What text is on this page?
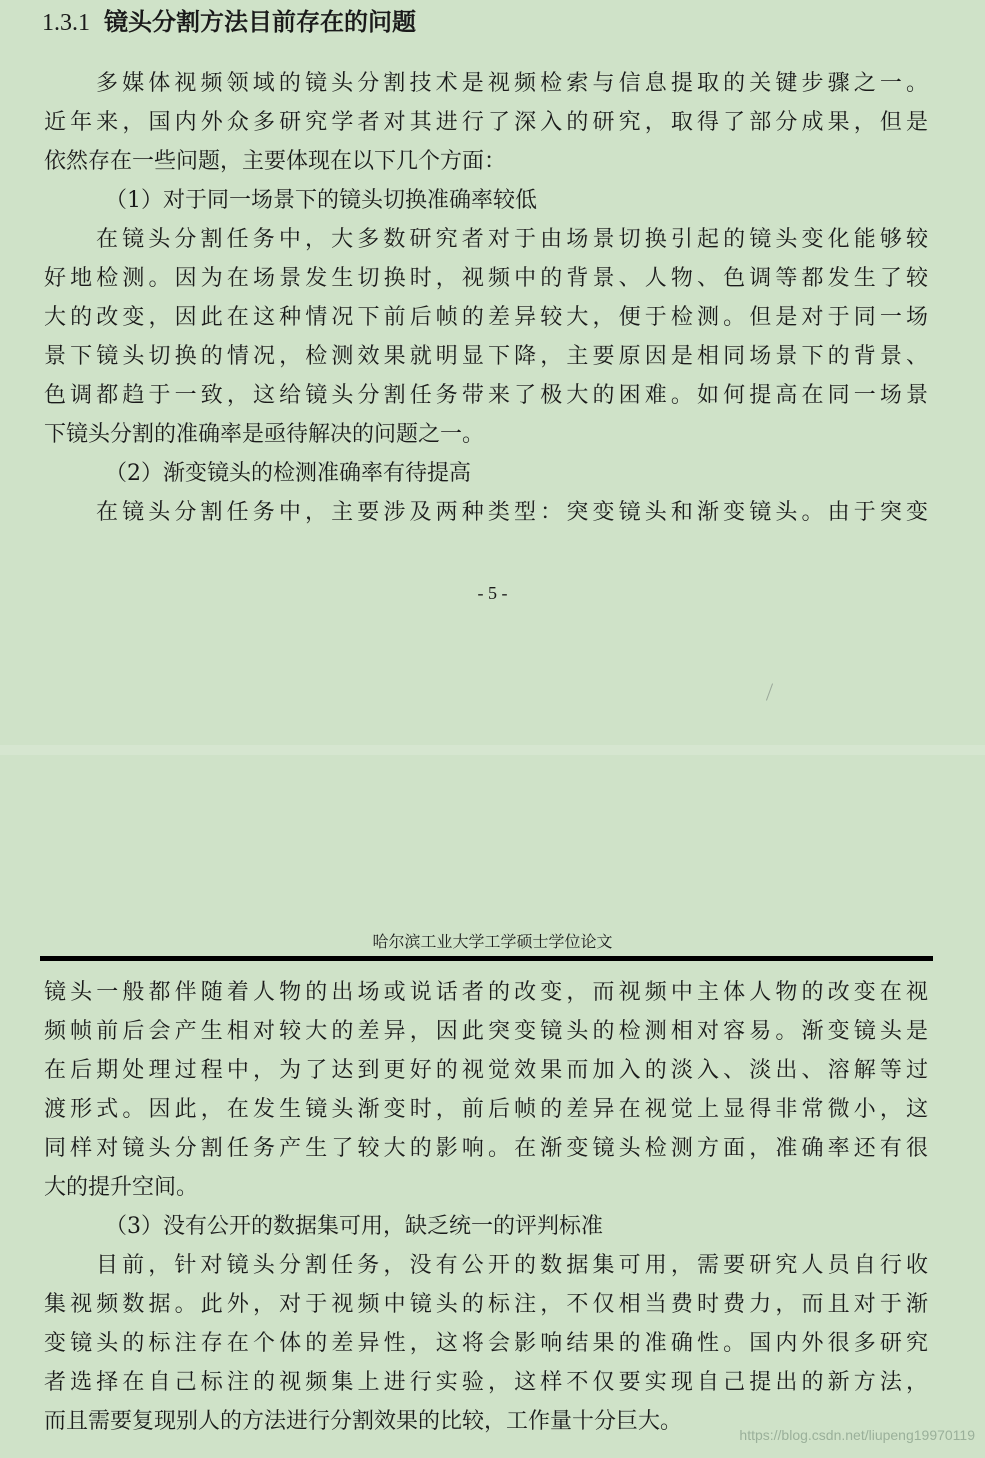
1.3.1 镜头分割方法目前存在的问题
多媒体视频领域的镜头分割技术是视频检索与信息提取的关键步骤之一。
近年来，国内外众多研究学者对其进行了深入的研究，取得了部分成果，但是
依然存在一些问题，主要体现在以下几个方面：
（1）对于同一场景下的镜头切换准确率较低
在镜头分割任务中，大多数研究者对于由场景切换引起的镜头变化能够较
好地检测。因为在场景发生切换时，视频中的背景、人物、色调等都发生了较
大的改变，因此在这种情况下前后帧的差异较大，便于检测。但是对于同一场
景下镜头切换的情况，检测效果就明显下降，主要原因是相同场景下的背景、
色调都趋于一致，这给镜头分割任务带来了极大的困难。如何提高在同一场景
下镜头分割的准确率是亟待解决的问题之一。
（2）渐变镜头的检测准确率有待提高
在镜头分割任务中，主要涉及两种类型：突变镜头和渐变镜头。由于突变
- 5 -
哈尔滨工业大学工学硕士学位论文
镜头一般都伴随着人物的出场或说话者的改变，而视频中主体人物的改变在视
频帧前后会产生相对较大的差异，因此突变镜头的检测相对容易。渐变镜头是
在后期处理过程中，为了达到更好的视觉效果而加入的淡入、淡出、溶解等过
渡形式。因此，在发生镜头渐变时，前后帧的差异在视觉上显得非常微小，这
同样对镜头分割任务产生了较大的影响。在渐变镜头检测方面，准确率还有很
大的提升空间。
（3）没有公开的数据集可用，缺乏统一的评判标准
目前，针对镜头分割任务，没有公开的数据集可用，需要研究人员自行收
集视频数据。此外，对于视频中镜头的标注，不仅相当费时费力，而且对于渐
变镜头的标注存在个体的差异性，这将会影响结果的准确性。国内外很多研究
者选择在自己标注的视频集上进行实验，这样不仅要实现自己提出的新方法，
而且需要复现别人的方法进行分割效果的比较，工作量十分巨大。
https://blog.csdn.net/liupeng19970119
